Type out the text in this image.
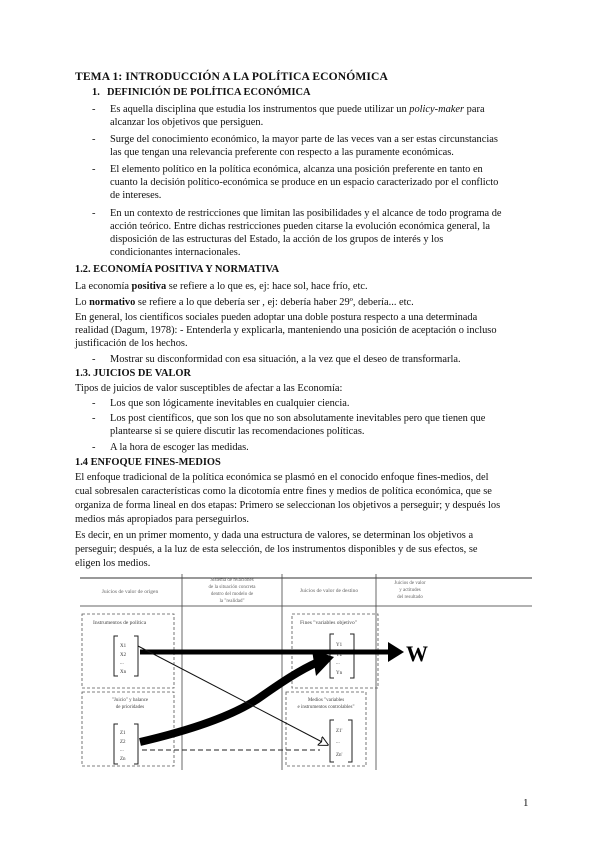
TEMA 1: INTRODUCCIÓN A LA POLÍTICA ECONÓMICA
1. DEFINICIÓN DE POLÍTICA ECONÓMICA
- Es aquella disciplina que estudia los instrumentos que puede utilizar un policy-maker para
alcanzar los objetivos que persiguen.
- Surge del conocimiento económico, la mayor parte de las veces van a ser estas circunstancias
las que tengan una relevancia preferente con respecto a las puramente económicas.
- El elemento político en la política económica, alcanza una posición preferente en tanto en
cuanto la decisión político-económica se produce en un espacio caracterizado por el conflicto
de intereses.
- En un contexto de restricciones que limitan las posibilidades y el alcance de todo programa de
acción teórico. Entre dichas restricciones pueden citarse la evolución económica general, la
disposición de las estructuras del Estado, la acción de los grupos de interés y los
condicionantes internacionales.
1.2. ECONOMÍA POSITIVA Y NORMATIVA
La economía positiva se refiere a lo que es, ej: hace sol, hace frío, etc.
Lo normativo se refiere a lo que debería ser , ej: debería haber 29º, debería... etc.
En general, los científicos sociales pueden adoptar una doble postura respecto a una determinada
realidad (Dagum, 1978): - Entenderla y explicarla, manteniendo una posición de aceptación o incluso
justificación de los hechos.
- Mostrar su disconformidad con esa situación, a la vez que el deseo de transformarla.
1.3. JUICIOS DE VALOR
Tipos de juicios de valor susceptibles de afectar a las Economía:
- Los que son lógicamente inevitables en cualquier ciencia.
- Los post científicos, que son los que no son absolutamente inevitables pero que tienen que
plantearse si se quiere discutir las recomendaciones políticas.
- A la hora de escoger las medidas.
1.4 ENFOQUE FINES-MEDIOS
El enfoque tradicional de la política económica se plasmó en el conocido enfoque fines-medios, del
cual sobresalen características como la dicotomía entre fines y medios de política económica, que se
organiza de forma lineal en dos etapas: Primero se seleccionan los objetivos a perseguir; y después los
medios más apropiados para perseguirlos.
Es decir, en un primer momento, y dada una estructura de valores, se determinan los objetivos a
perseguir; después, a la luz de esta selección, de los instrumentos disponibles y de sus efectos, se
eligen los medios.
Juicios de valor de origen
Sistema de relaciones
de la situación concreta
dentro del modelo de
la "realidad"
Juicios de valor de destino
Juicios de valor
y actitudes
del resultado
Instrumentos de política
X1
X2
...
Xn
Fines "variables objetivo"
Y1
Y2
...
Yn
W
"Juicio" y balance
de prioridades
Z1
Z2
...
Zn
Medios "variables
e instrumentos controlables"
Z1'
...
Zn'
1
